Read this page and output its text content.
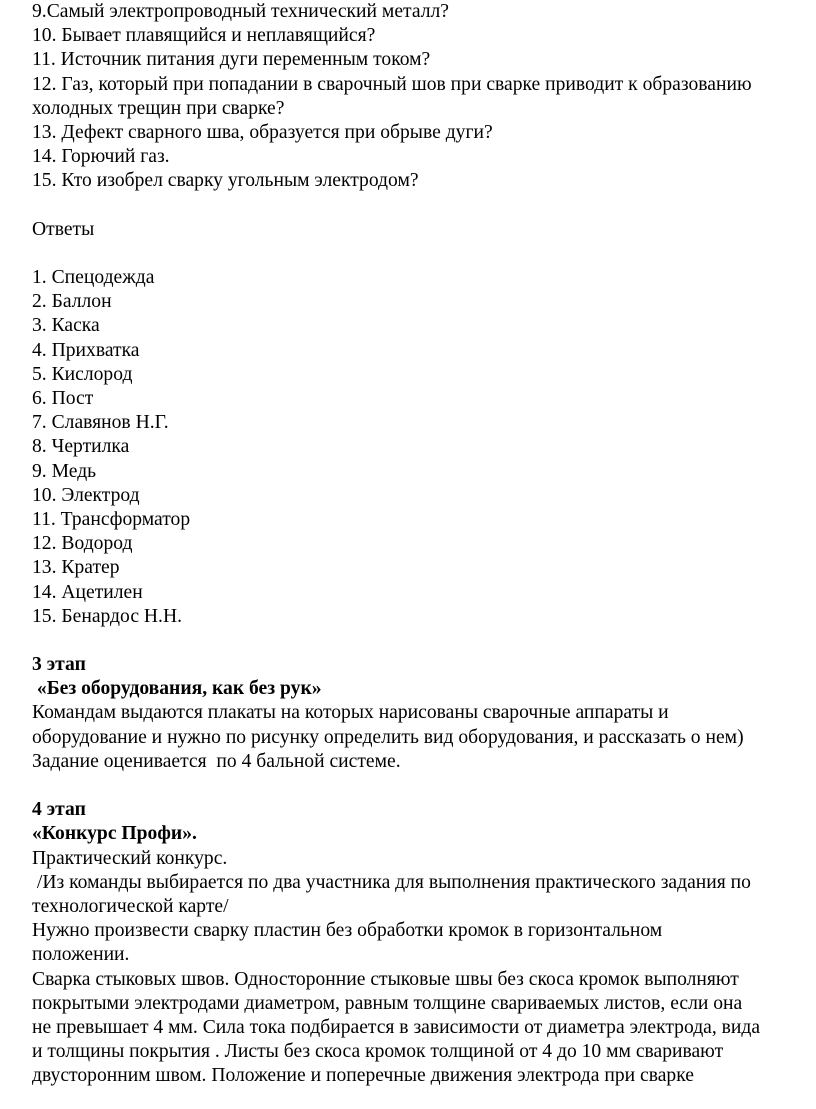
9.Самый электропроводный технический металл?
10. Бывает плавящийся и неплавящийся?
11. Источник питания дуги переменным током?
12. Газ, который при попадании в сварочный шов при сварке приводит к образованию
холодных трещин при сварке?
13. Дефект сварного шва, образуется при обрыве дуги?
14. Горючий газ.
15. Кто изобрел сварку угольным электродом?
Ответы
1. Спецодежда
2. Баллон
3. Каска
4. Прихватка
5. Кислород
6. Пост
7. Славянов Н.Г.
8. Чертилка
9. Медь
10. Электрод
11. Трансформатор
12. Водород
13. Кратер
14. Ацетилен
15. Бенардос Н.Н.
3 этап
«Без оборудования, как без рук»
Командам выдаются плакаты на которых нарисованы сварочные аппараты и
оборудование и нужно по рисунку определить вид оборудования, и рассказать о нем)
Задание оценивается  по 4 бальной системе.
4 этап
«Конкурс Профи».
Практический конкурс.
/Из команды выбирается по два участника для выполнения практического задания по
технологической карте/
Нужно произвести сварку пластин без обработки кромок в горизонтальном
положении.
Сварка стыковых швов. Односторонние стыковые швы без скоса кромок выполняют
покрытыми электродами диаметром, равным толщине свариваемых листов, если она
не превышает 4 мм. Сила тока подбирается в зависимости от диаметра электрода, вида
и толщины покрытия . Листы без скоса кромок толщиной от 4 до 10 мм сваривают
двусторонним швом. Положение и поперечные движения электрода при сварке
